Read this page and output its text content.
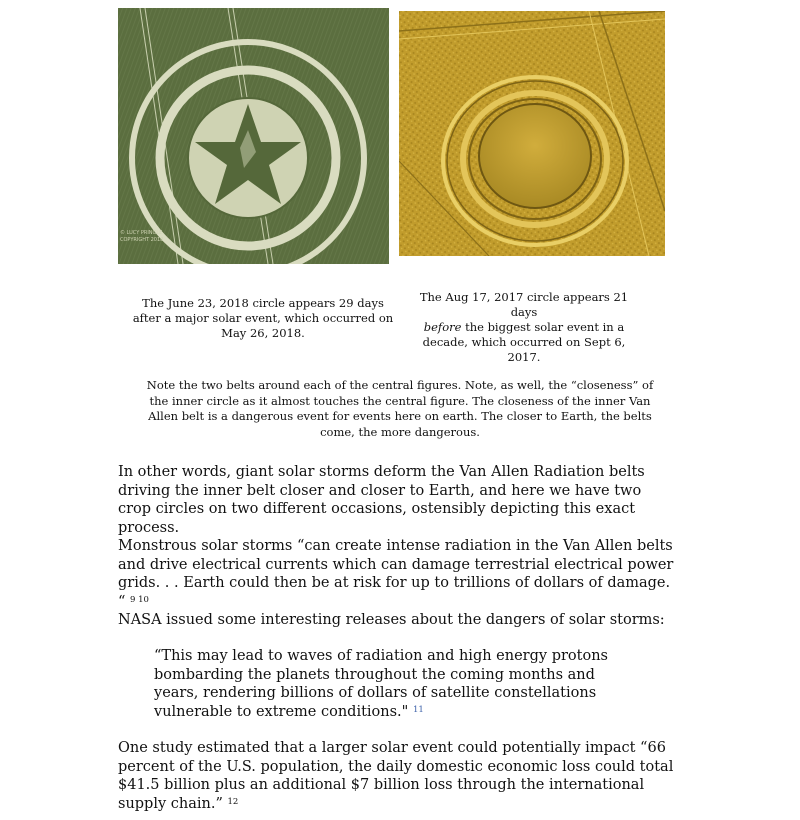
© LUCY PRINGLE
COPYRIGHT 2018
The June 23, 2018 circle appears 29 days after a major solar event, which occurred on May 26, 2018.
The Aug 17, 2017 circle appears 21 days
before the biggest solar event in a decade, which occurred on Sept 6, 2017.
Note the two belts around each of the central figures. Note, as well, the “closeness” of the inner circle as it almost touches the central figure. The closeness of the inner Van Allen belt is a dangerous event for events here on earth. The closer to Earth, the belts come, the more dangerous.
In other words, giant solar storms deform the Van Allen Radiation belts driving the inner belt closer and closer to Earth, and here we have two crop circles on two different occasions, ostensibly depicting this exact process.
Monstrous solar storms “can create intense radiation in the Van Allen belts and drive electrical currents which can damage terrestrial electrical power grids. . . Earth could then be at risk for up to trillions of dollars of damage. “ $^{9 10}$
NASA issued some interesting releases about the dangers of solar storms:
“This may lead to waves of radiation and high energy protons bombarding the planets throughout the coming months and years, rendering billions of dollars of satellite constellations vulnerable to extreme conditions." $^{11}$
One study estimated that a larger solar event could potentially impact “66 percent of the U.S. population, the daily domestic economic loss could total $41.5 billion plus an additional $7 billion loss through the international supply chain.” $^{12}$
